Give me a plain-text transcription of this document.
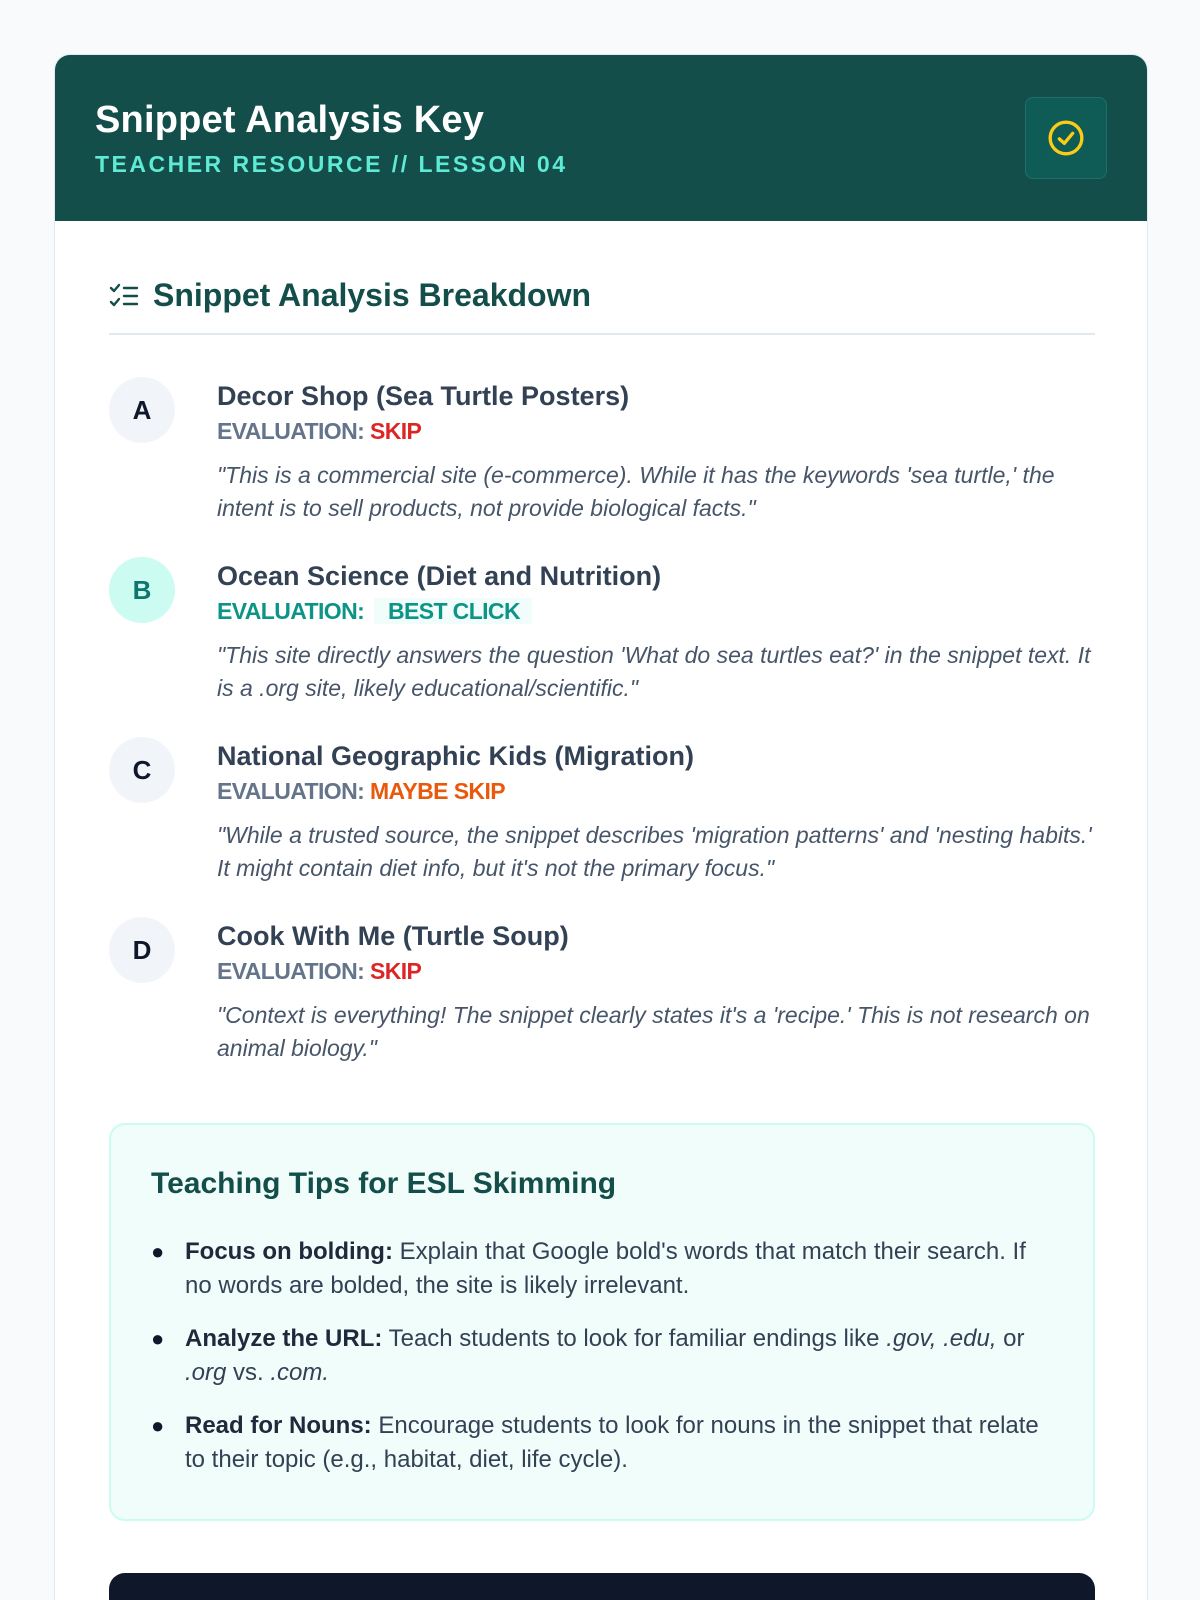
Snippet Analysis Key
TEACHER RESOURCE // LESSON 04
Snippet Analysis Breakdown
A	Decor Shop (Sea Turtle Posters)
EVALUATION: SKIP
"This is a commercial site (e-commerce). While it has the keywords 'sea turtle,' the intent is to sell products, not provide biological facts."
B	Ocean Science (Diet and Nutrition)
EVALUATION: BEST CLICK
"This site directly answers the question 'What do sea turtles eat?' in the snippet text. It is a .org site, likely educational/scientific."
C	National Geographic Kids (Migration)
EVALUATION: MAYBE SKIP
"While a trusted source, the snippet describes 'migration patterns' and 'nesting habits.' It might contain diet info, but it's not the primary focus."
D	Cook With Me (Turtle Soup)
EVALUATION: SKIP
"Context is everything! The snippet clearly states it's a 'recipe.' This is not research on animal biology."
Teaching Tips for ESL Skimming
● Focus on bolding: Explain that Google bold's words that match their search. If no words are bolded, the site is likely irrelevant.
● Analyze the URL: Teach students to look for familiar endings like .gov, .edu, or .org vs. .com.
● Read for Nouns: Encourage students to look for nouns in the snippet that relate to their topic (e.g., habitat, diet, life cycle).
